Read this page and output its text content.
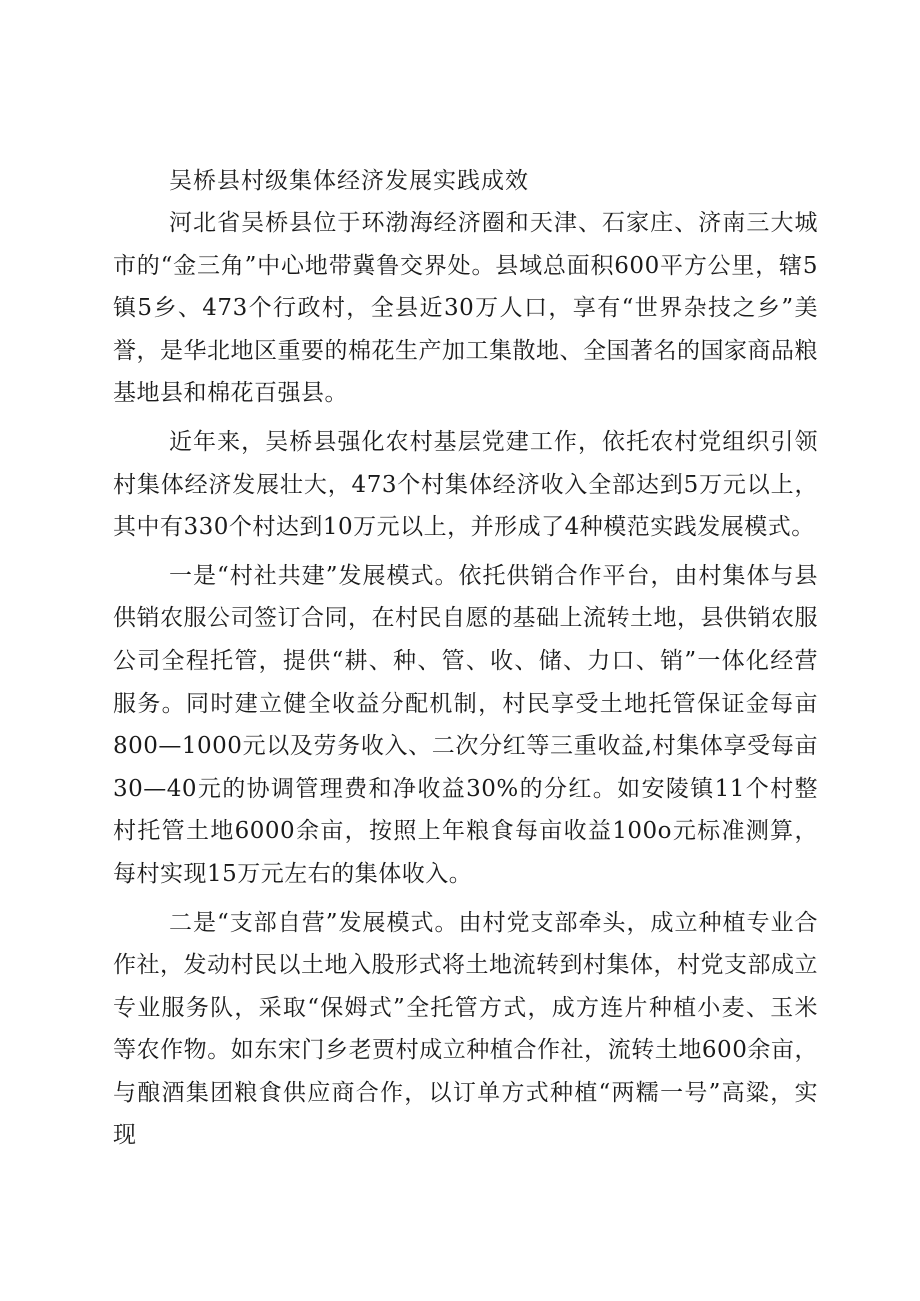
吴桥县村级集体经济发展实践成效

河北省吴桥县位于环渤海经济圈和天津、石家庄、济南三大城市的“金三角”中心地带冀鲁交界处。县域总面积600平方公里，辖5镇5乡、473个行政村，全县近30万人口，享有“世界杂技之乡”美誉，是华北地区重要的棉花生产加工集散地、全国著名的国家商品粮基地县和棉花百强县。

近年来，吴桥县强化农村基层党建工作，依托农村党组织引领村集体经济发展壮大，473个村集体经济收入全部达到5万元以上，其中有330个村达到10万元以上，并形成了4种模范实践发展模式。

一是“村社共建”发展模式。依托供销合作平台，由村集体与县供销农服公司签订合同，在村民自愿的基础上流转土地，县供销农服公司全程托管，提供“耕、种、管、收、储、力口、销”一体化经营服务。同时建立健全收益分配机制，村民享受土地托管保证金每亩800—1000元以及劳务收入、二次分红等三重收益,村集体享受每亩30—40元的协调管理费和净收益30%的分红。如安陵镇11个村整村托管土地6000余亩，按照上年粮食每亩收益100o元标准测算，每村实现15万元左右的集体收入。

二是“支部自营”发展模式。由村党支部牵头，成立种植专业合作社，发动村民以土地入股形式将土地流转到村集体，村党支部成立专业服务队，采取“保姆式”全托管方式，成方连片种植小麦、玉米等农作物。如东宋门乡老贾村成立种植合作社，流转土地600余亩，与酿酒集团粮食供应商合作，以订单方式种植“两糯一号”高粱，实现
